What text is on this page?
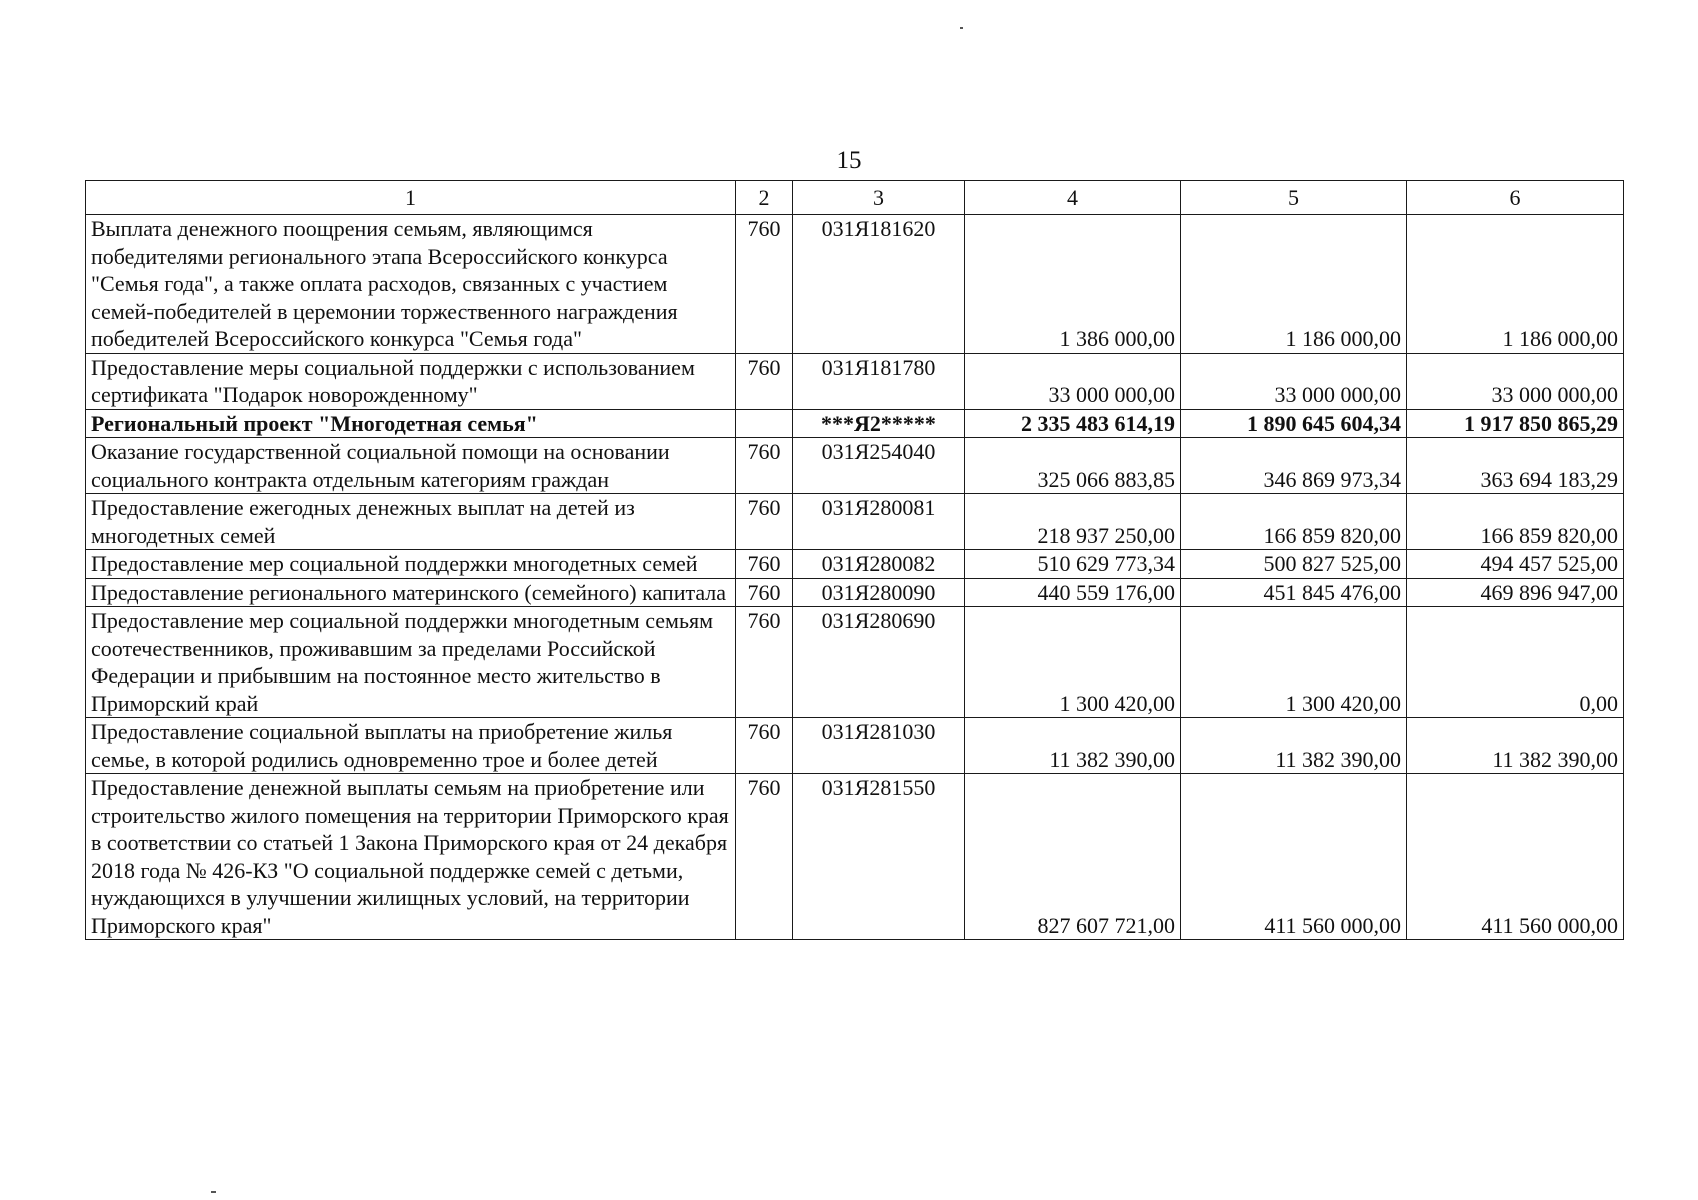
15
1	2	3	4	5	6
Выплата денежного поощрения семьям, являющимся победителями регионального этапа Всероссийского конкурса "Семья года", а также оплата расходов, связанных с участием семей-победителей в церемонии торжественного награждения победителей Всероссийского конкурса "Семья года"	760	031Я181620	1 386 000,00	1 186 000,00	1 186 000,00
Предоставление меры социальной поддержки с использованием сертификата "Подарок новорожденному"	760	031Я181780	33 000 000,00	33 000 000,00	33 000 000,00
Региональный проект "Многодетная семья"		***Я2*****	2 335 483 614,19	1 890 645 604,34	1 917 850 865,29
Оказание государственной социальной помощи на основании социального контракта отдельным категориям граждан	760	031Я254040	325 066 883,85	346 869 973,34	363 694 183,29
Предоставление ежегодных денежных выплат на детей из многодетных семей	760	031Я280081	218 937 250,00	166 859 820,00	166 859 820,00
Предоставление мер социальной поддержки многодетных семей	760	031Я280082	510 629 773,34	500 827 525,00	494 457 525,00
Предоставление регионального материнского (семейного) капитала	760	031Я280090	440 559 176,00	451 845 476,00	469 896 947,00
Предоставление мер социальной поддержки многодетным семьям соотечественников, проживавшим за пределами Российской Федерации и прибывшим на постоянное место жительство в Приморский край	760	031Я280690	1 300 420,00	1 300 420,00	0,00
Предоставление социальной выплаты на приобретение жилья семье, в которой родились одновременно трое и более детей	760	031Я281030	11 382 390,00	11 382 390,00	11 382 390,00
Предоставление денежной выплаты семьям на приобретение или строительство жилого помещения на территории Приморского края в соответствии со статьей 1 Закона Приморского края от 24 декабря 2018 года № 426-КЗ "О социальной поддержке семей с детьми, нуждающихся в улучшении жилищных условий, на территории Приморского края"	760	031Я281550	827 607 721,00	411 560 000,00	411 560 000,00
